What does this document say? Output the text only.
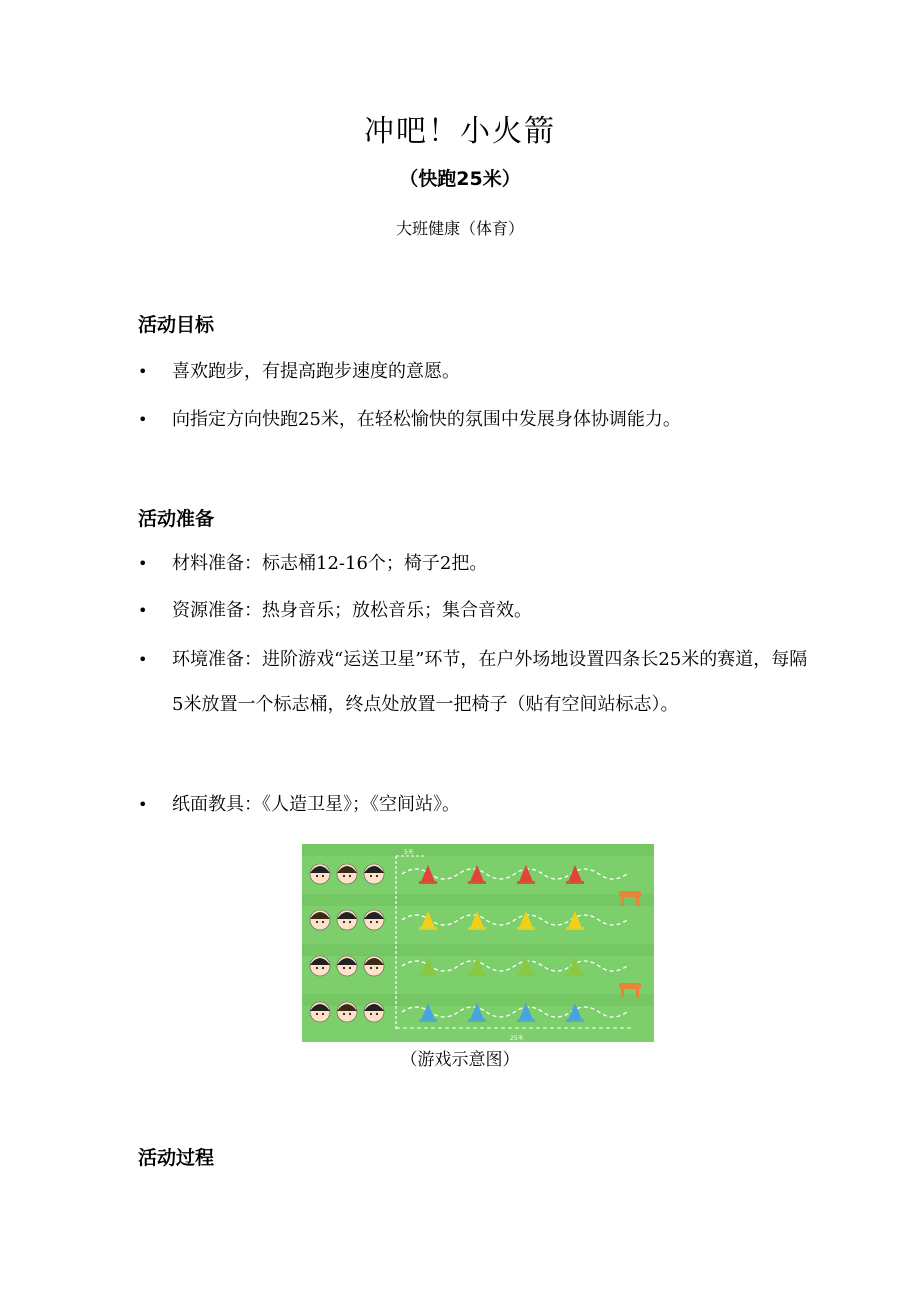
冲吧！小火箭
（快跑25米）
大班健康（体育）
活动目标
• 喜欢跑步，有提高跑步速度的意愿。
• 向指定方向快跑25米，在轻松愉快的氛围中发展身体协调能力。
活动准备
• 材料准备：标志桶12-16个；椅子2把。
• 资源准备：热身音乐；放松音乐；集合音效。
• 环境准备：进阶游戏“运送卫星”环节，在户外场地设置四条长25米的赛道，每隔5米放置一个标志桶，终点处放置一把椅子（贴有空间站标志）。
• 纸面教具：《人造卫星》；《空间站》。
5米
25米
（游戏示意图）
活动过程
